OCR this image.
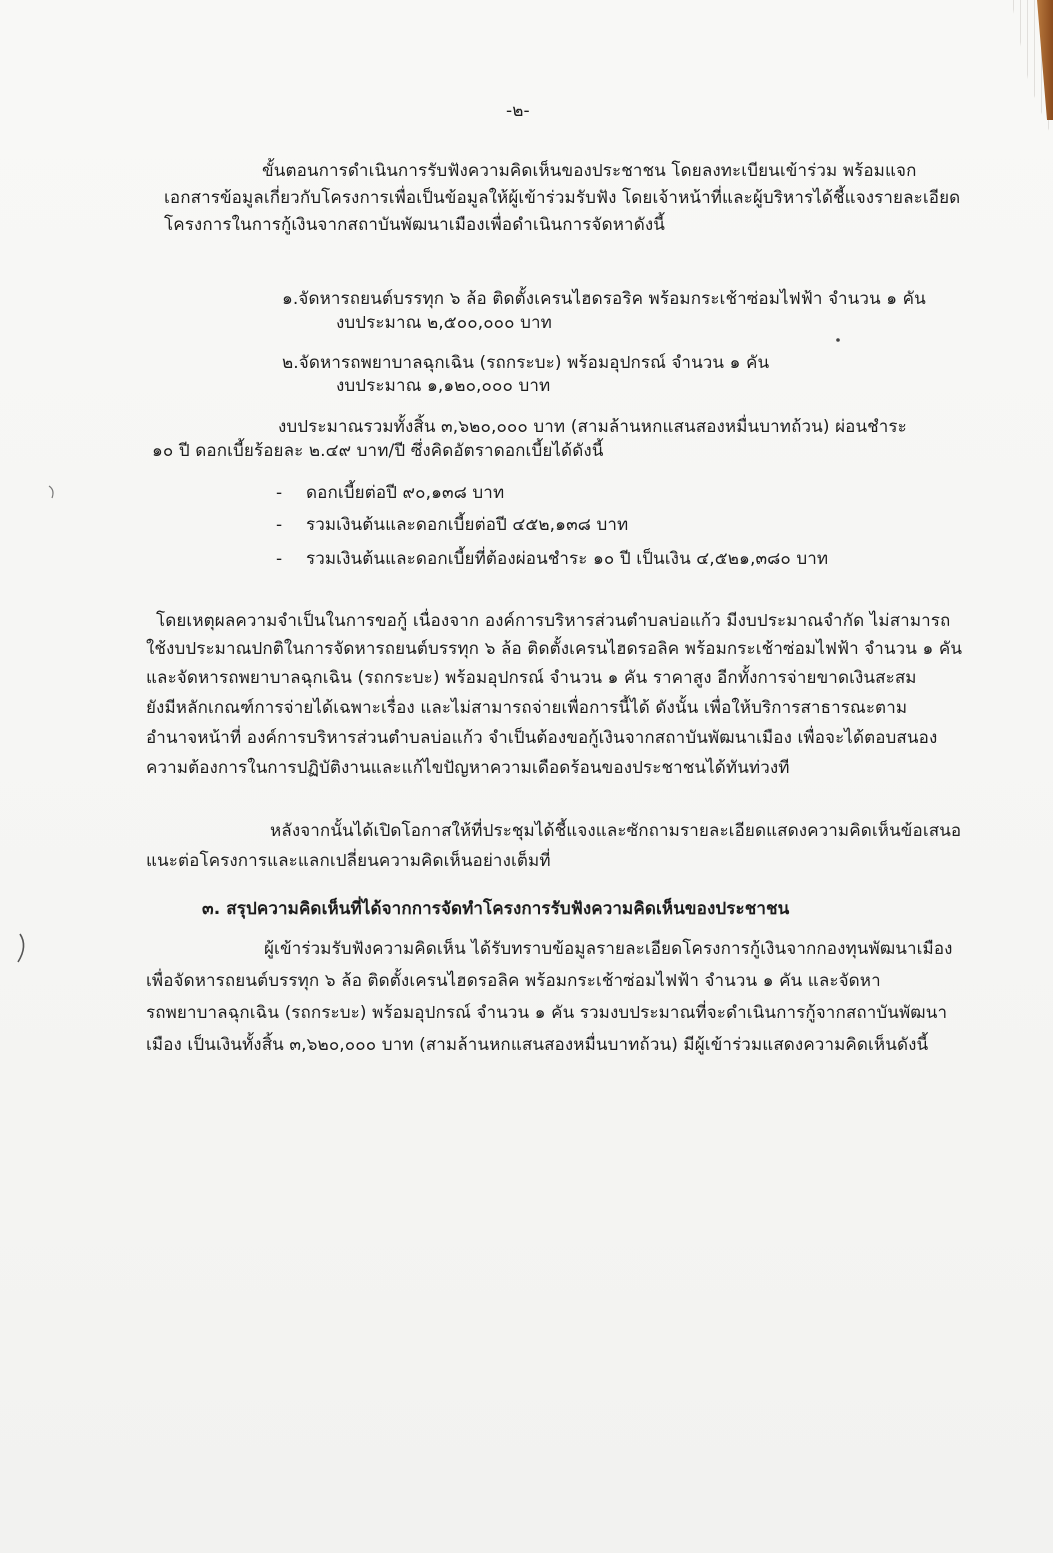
-๒-
ขั้นตอนการดำเนินการรับฟังความคิดเห็นของประชาชน โดยลงทะเบียนเข้าร่วม พร้อมแจก
เอกสารข้อมูลเกี่ยวกับโครงการเพื่อเป็นข้อมูลให้ผู้เข้าร่วมรับฟัง โดยเจ้าหน้าที่และผู้บริหารได้ชี้แจงรายละเอียด
โครงการในการกู้เงินจากสถาบันพัฒนาเมืองเพื่อดำเนินการจัดหาดังนี้
๑.จัดหารถยนต์บรรทุก ๖ ล้อ ติดตั้งเครนไฮดรอริค พร้อมกระเช้าซ่อมไฟฟ้า จำนวน ๑ คัน
งบประมาณ ๒,๕๐๐,๐๐๐ บาท
๒.จัดหารถพยาบาลฉุกเฉิน (รถกระบะ) พร้อมอุปกรณ์ จำนวน ๑ คัน
งบประมาณ ๑,๑๒๐,๐๐๐ บาท
งบประมาณรวมทั้งสิ้น ๓,๖๒๐,๐๐๐ บาท (สามล้านหกแสนสองหมื่นบาทถ้วน) ผ่อนชำระ
๑๐ ปี ดอกเบี้ยร้อยละ ๒.๔๙ บาท/ปี ซึ่งคิดอัตราดอกเบี้ยได้ดังนี้
- ดอกเบี้ยต่อปี ๙๐,๑๓๘ บาท
- รวมเงินต้นและดอกเบี้ยต่อปี ๔๕๒,๑๓๘ บาท
- รวมเงินต้นและดอกเบี้ยที่ต้องผ่อนชำระ ๑๐ ปี เป็นเงิน ๔,๕๒๑,๓๘๐ บาท
โดยเหตุผลความจำเป็นในการขอกู้ เนื่องจาก องค์การบริหารส่วนตำบลบ่อแก้ว มีงบประมาณจำกัด ไม่สามารถ
ใช้งบประมาณปกติในการจัดหารถยนต์บรรทุก ๖ ล้อ ติดตั้งเครนไฮดรอลิค พร้อมกระเช้าซ่อมไฟฟ้า จำนวน ๑ คัน
และจัดหารถพยาบาลฉุกเฉิน (รถกระบะ) พร้อมอุปกรณ์ จำนวน ๑ คัน ราคาสูง อีกทั้งการจ่ายขาดเงินสะสม
ยังมีหลักเกณฑ์การจ่ายได้เฉพาะเรื่อง และไม่สามารถจ่ายเพื่อการนี้ได้ ดังนั้น เพื่อให้บริการสาธารณะตาม
อำนาจหน้าที่ องค์การบริหารส่วนตำบลบ่อแก้ว จำเป็นต้องขอกู้เงินจากสถาบันพัฒนาเมือง เพื่อจะได้ตอบสนอง
ความต้องการในการปฏิบัติงานและแก้ไขปัญหาความเดือดร้อนของประชาชนได้ทันท่วงที
หลังจากนั้นได้เปิดโอกาสให้ที่ประชุมได้ชี้แจงและซักถามรายละเอียดแสดงความคิดเห็นข้อเสนอ
แนะต่อโครงการและแลกเปลี่ยนความคิดเห็นอย่างเต็มที่
๓. สรุปความคิดเห็นที่ได้จากการจัดทำโครงการรับฟังความคิดเห็นของประชาชน
ผู้เข้าร่วมรับฟังความคิดเห็น ได้รับทราบข้อมูลรายละเอียดโครงการกู้เงินจากกองทุนพัฒนาเมือง
เพื่อจัดหารถยนต์บรรทุก ๖ ล้อ ติดตั้งเครนไฮดรอลิค พร้อมกระเช้าซ่อมไฟฟ้า จำนวน ๑ คัน และจัดหา
รถพยาบาลฉุกเฉิน (รถกระบะ) พร้อมอุปกรณ์ จำนวน ๑ คัน รวมงบประมาณที่จะดำเนินการกู้จากสถาบันพัฒนา
เมือง เป็นเงินทั้งสิ้น ๓,๖๒๐,๐๐๐ บาท (สามล้านหกแสนสองหมื่นบาทถ้วน) มีผู้เข้าร่วมแสดงความคิดเห็นดังนี้
